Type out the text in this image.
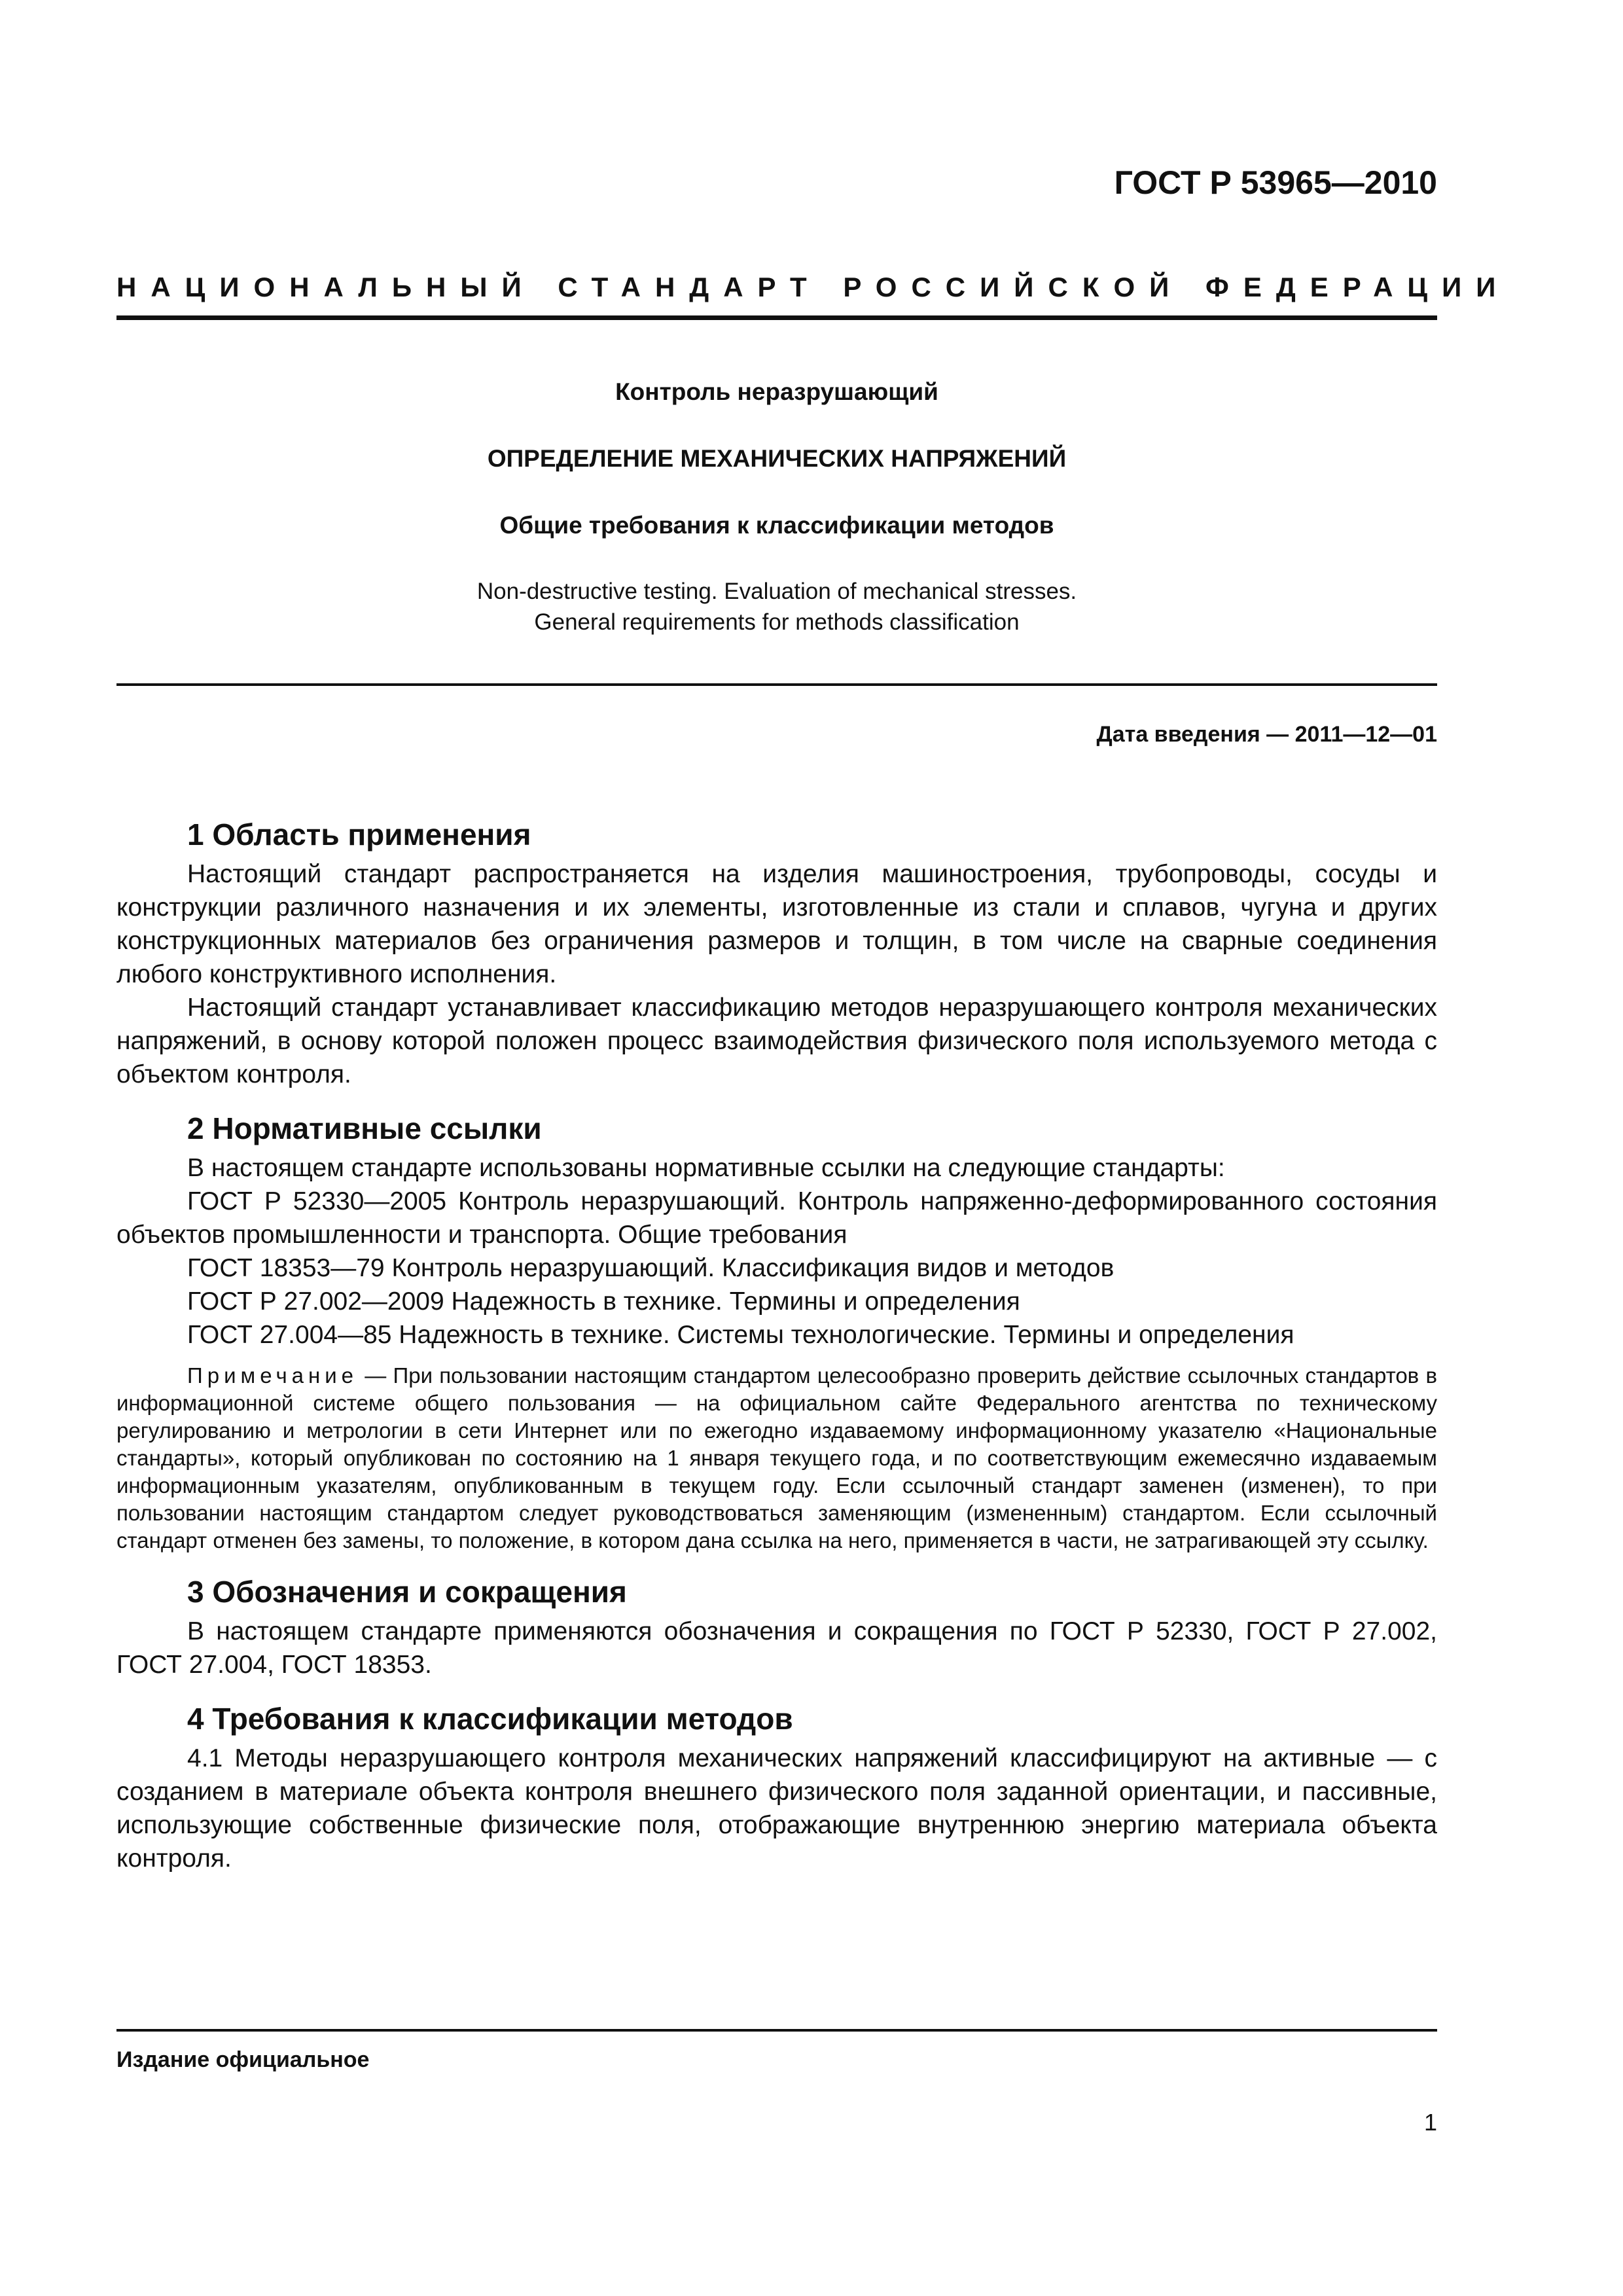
ГОСТ Р 53965—2010
НАЦИОНАЛЬНЫЙ СТАНДАРТ РОССИЙСКОЙ ФЕДЕРАЦИИ
Контроль неразрушающий
ОПРЕДЕЛЕНИЕ МЕХАНИЧЕСКИХ НАПРЯЖЕНИЙ
Общие требования к классификации методов
Non-destructive testing. Evaluation of mechanical stresses.
General requirements for methods classification
Дата введения — 2011—12—01
1 Область применения

Настоящий стандарт распространяется на изделия машиностроения, трубопроводы, сосуды и конструкции различного назначения и их элементы, изготовленные из стали и сплавов, чугуна и других конструкционных материалов без ограничения размеров и толщин, в том числе на сварные соединения любого конструктивного исполнения.

Настоящий стандарт устанавливает классификацию методов неразрушающего контроля механических напряжений, в основу которой положен процесс взаимодействия физического поля используемого метода с объектом контроля.

2 Нормативные ссылки

В настоящем стандарте использованы нормативные ссылки на следующие стандарты:

ГОСТ Р 52330—2005 Контроль неразрушающий. Контроль напряженно-деформированного состояния объектов промышленности и транспорта. Общие требования

ГОСТ 18353—79 Контроль неразрушающий. Классификация видов и методов

ГОСТ Р 27.002—2009 Надежность в технике. Термины и определения

ГОСТ 27.004—85 Надежность в технике. Системы технологические. Термины и определения

Примечание — При пользовании настоящим стандартом целесообразно проверить действие ссылочных стандартов в информационной системе общего пользования — на официальном сайте Федерального агентства по техническому регулированию и метрологии в сети Интернет или по ежегодно издаваемому информационному указателю «Национальные стандарты», который опубликован по состоянию на 1 января текущего года, и по соответствующим ежемесячно издаваемым информационным указателям, опубликованным в текущем году. Если ссылочный стандарт заменен (изменен), то при пользовании настоящим стандартом следует руководствоваться заменяющим (измененным) стандартом. Если ссылочный стандарт отменен без замены, то положение, в котором дана ссылка на него, применяется в части, не затрагивающей эту ссылку.

3 Обозначения и сокращения

В настоящем стандарте применяются обозначения и сокращения по ГОСТ Р 52330, ГОСТ Р 27.002, ГОСТ 27.004, ГОСТ 18353.

4 Требования к классификации методов

4.1 Методы неразрушающего контроля механических напряжений классифицируют на активные — с созданием в материале объекта контроля внешнего физического поля заданной ориентации, и пассивные, использующие собственные физические поля, отображающие внутреннюю энергию материала объекта контроля.

Издание официальное
1
